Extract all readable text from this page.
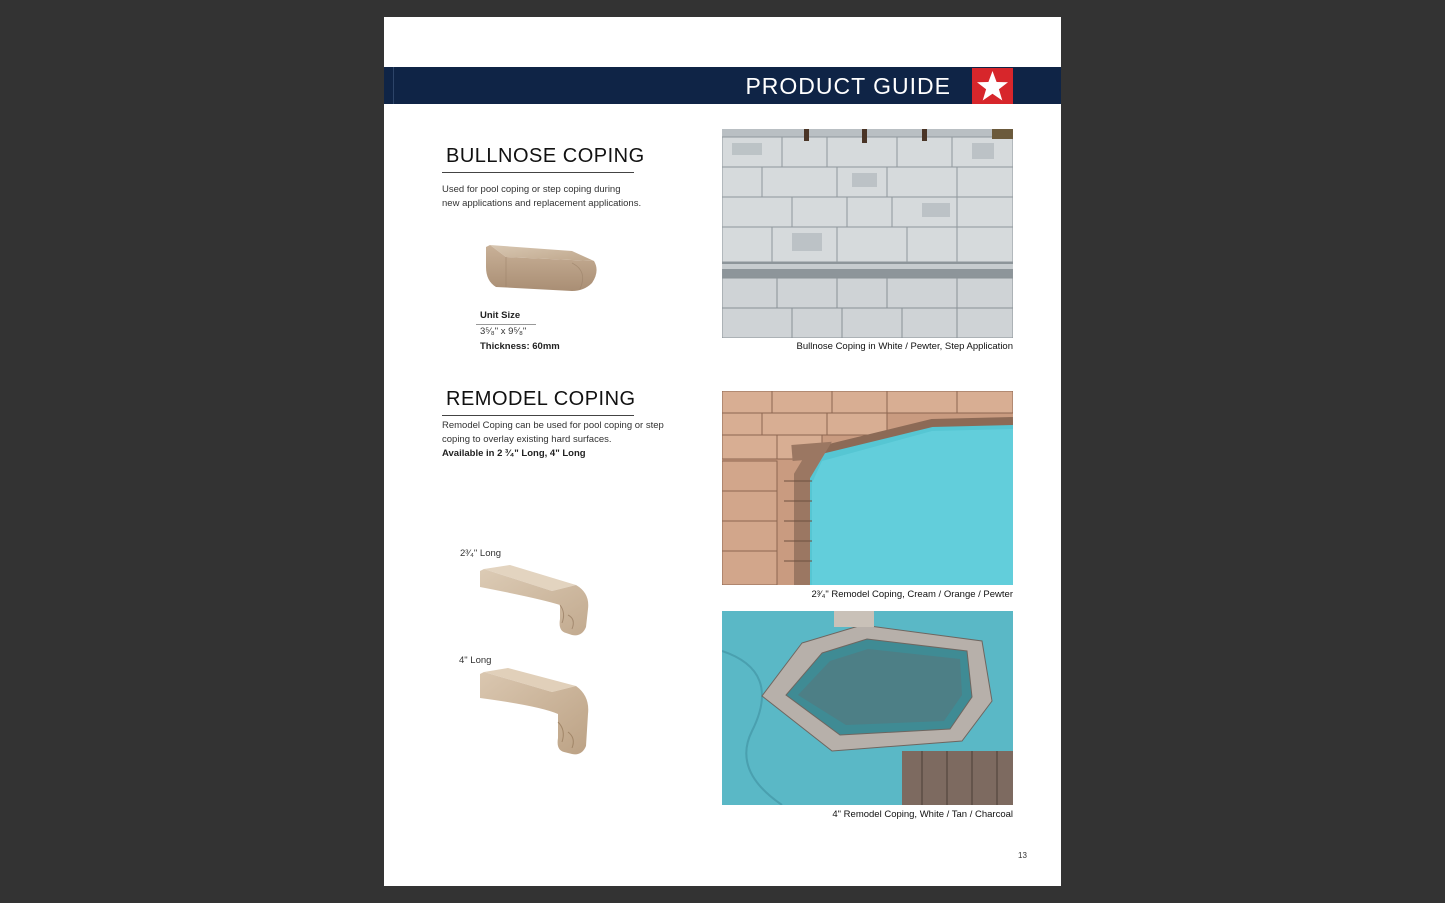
PRODUCT GUIDE
BULLNOSE COPING
Used for pool coping or step coping during
new applications and replacement applications.
Unit Size
3⁵⁄₈" x 9⁵⁄₈"
Thickness: 60mm	Bullnose Coping in White / Pewter, Step Application
REMODEL COPING
Remodel Coping can be used for pool coping or step
coping to overlay existing hard surfaces.
Available in 2 ³⁄₄" Long, 4" Long
2³⁄₄" Long
4" Long
2³⁄₄" Remodel Coping, Cream / Orange / Pewter
4" Remodel Coping, White / Tan / Charcoal
13
